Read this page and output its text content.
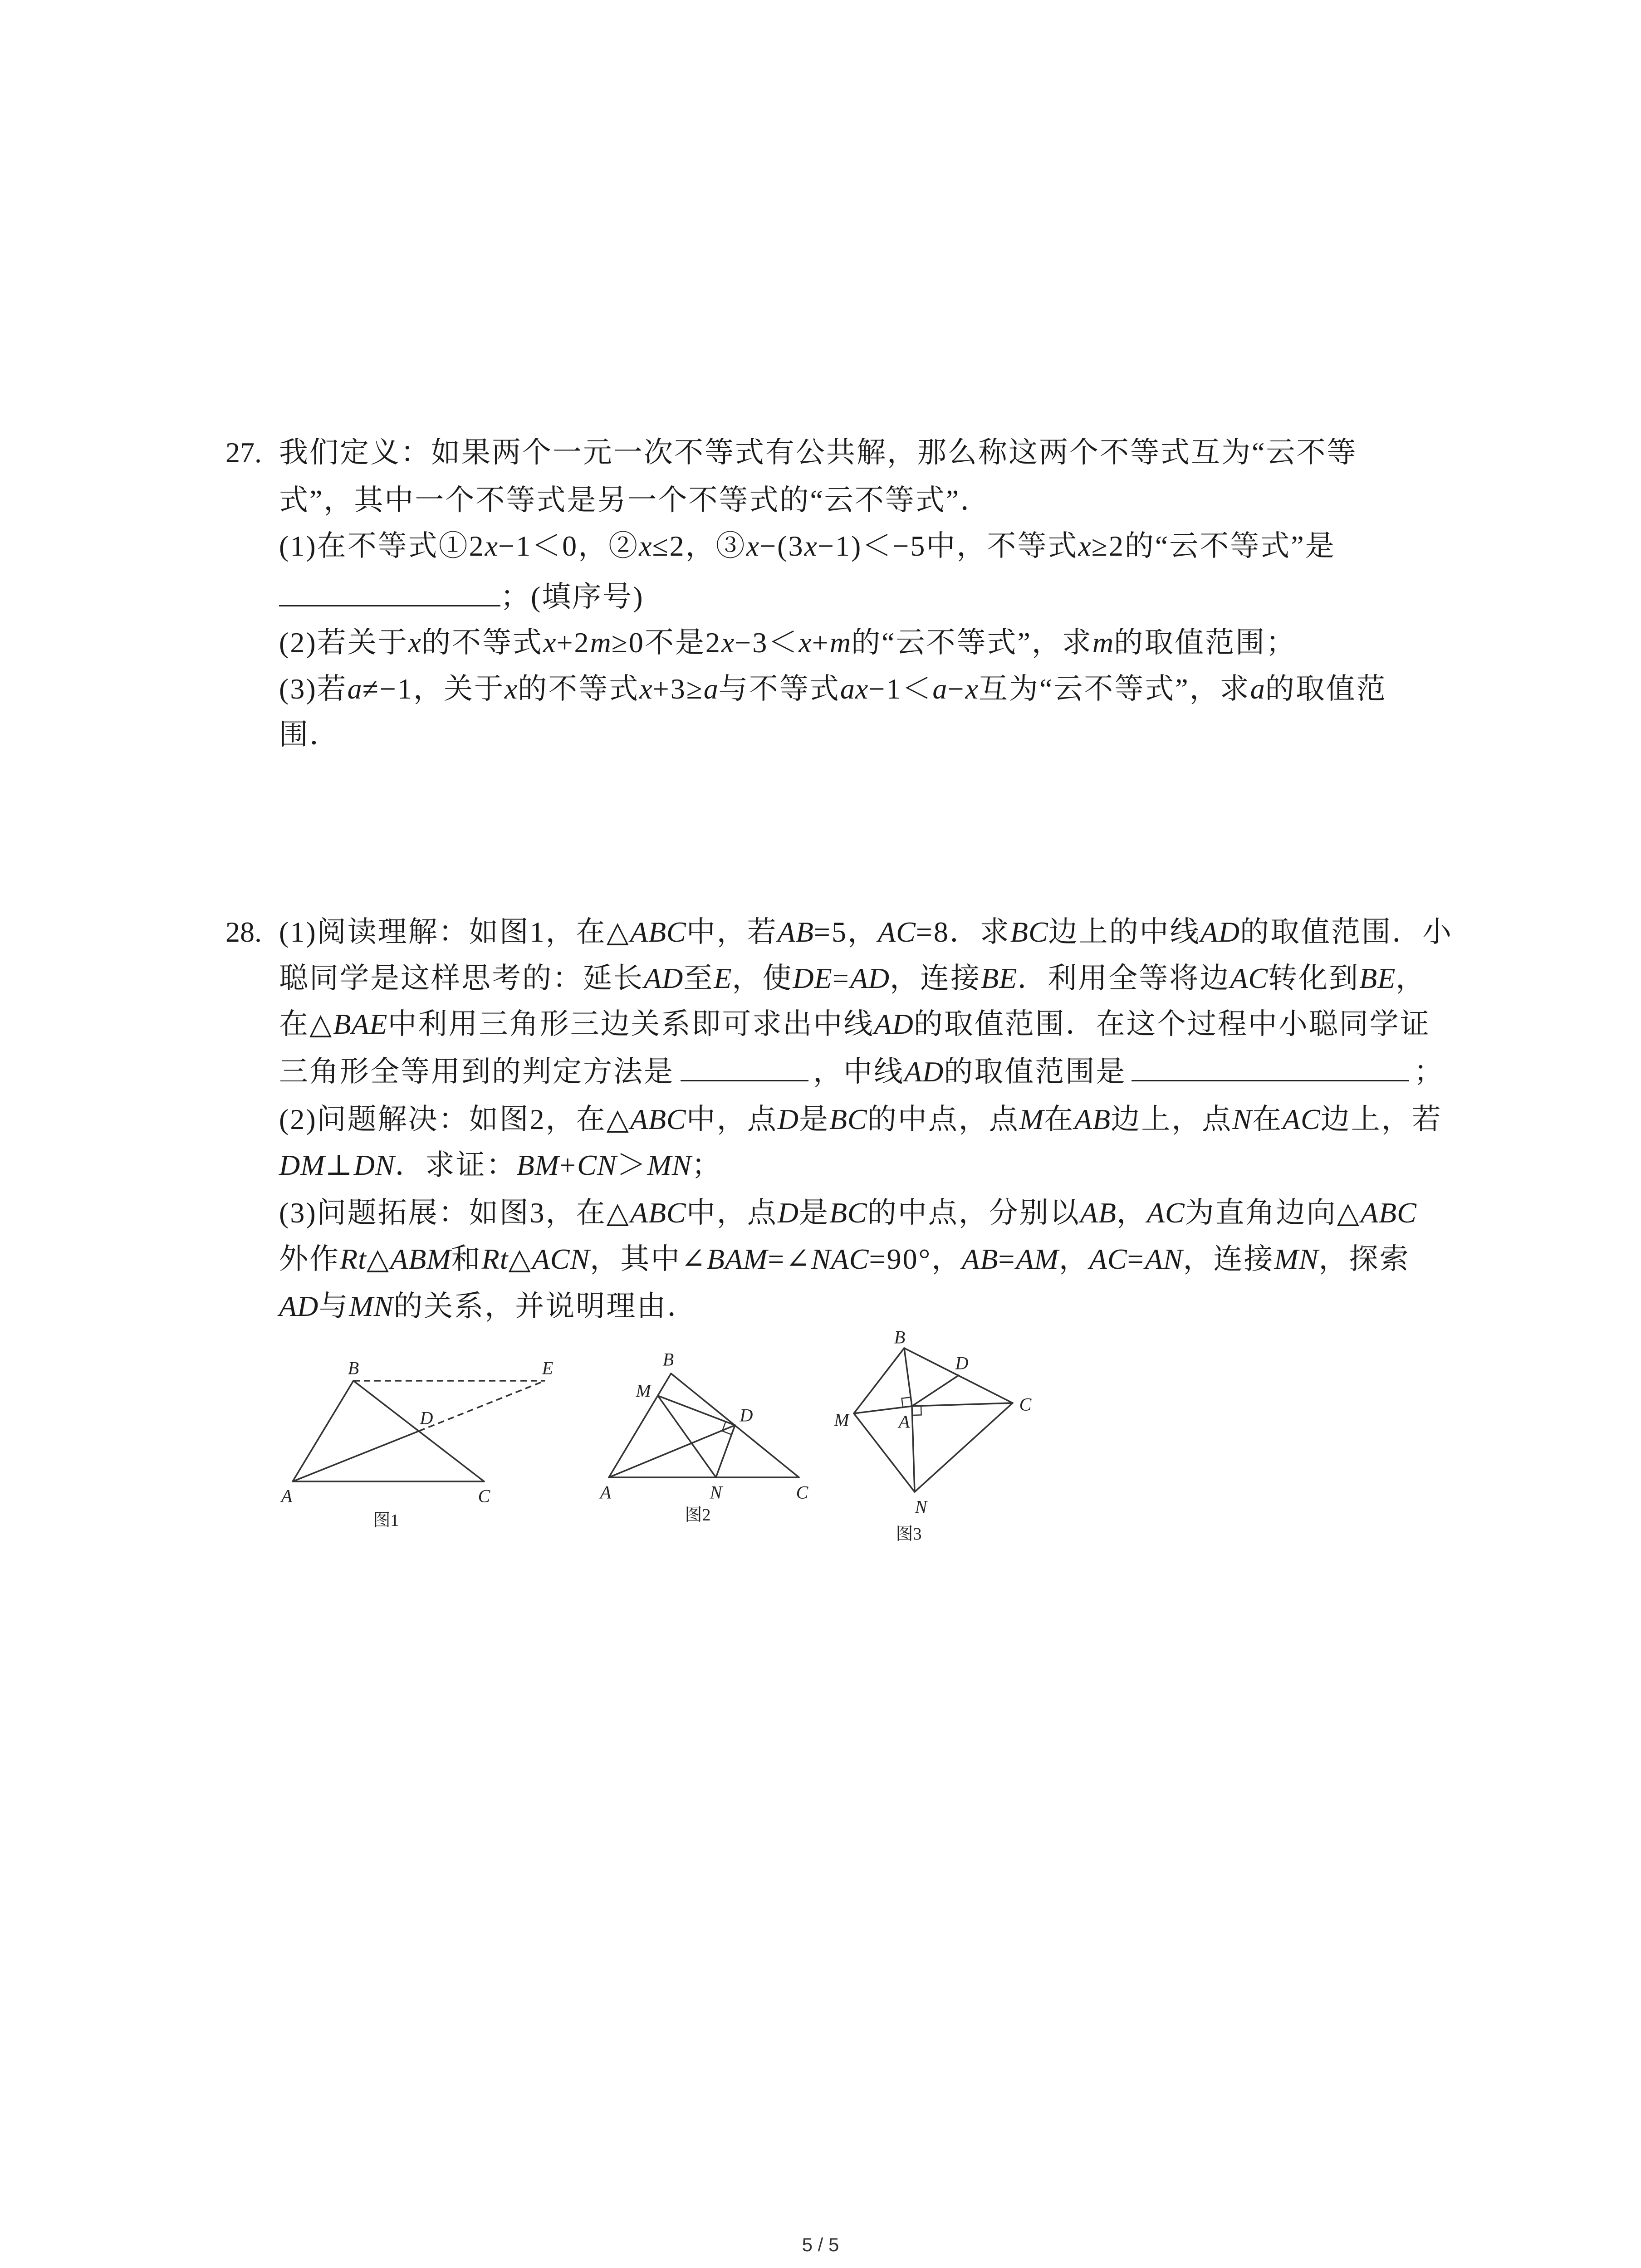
27. 我们定义：如果两个一元一次不等式有公共解，那么称这两个不等式互为“云不等
式”，其中一个不等式是另一个不等式的“云不等式”．
(1)在不等式①2x−1＜0，②x≤2，③x−(3x−1)＜−5中，不等式x≥2的“云不等式”是
；(填序号)
(2)若关于x的不等式x+2m≥0不是2x−3＜x+m的“云不等式”，求m的取值范围；
(3)若a≠−1，关于x的不等式x+3≥a与不等式ax−1＜a−x互为“云不等式”，求a的取值范
围．
28. (1)阅读理解：如图1，在△ABC中，若AB=5，AC=8．求BC边上的中线AD的取值范围．小
聪同学是这样思考的：延长AD至E，使DE=AD，连接BE．利用全等将边AC转化到BE，
在△BAE中利用三角形三边关系即可求出中线AD的取值范围．在这个过程中小聪同学证
三角形全等用到的判定方法是	，中线AD的取值范围是	；
(2)问题解决：如图2，在△ABC中，点D是BC的中点，点M在AB边上，点N在AC边上，若
DM⊥DN．求证：BM+CN＞MN；
(3)问题拓展：如图3，在△ABC中，点D是BC的中点，分别以AB，AC为直角边向△ABC
外作Rt△ABM和Rt△ACN，其中∠BAM=∠NAC=90°，AB=AM，AC=AN，连接MN，探索
AD与MN的关系，并说明理由．
B	E
D
A	C
图1
B
M
D
A	N	C
图2
B
D
C
M	A
N
图3
5 / 5
